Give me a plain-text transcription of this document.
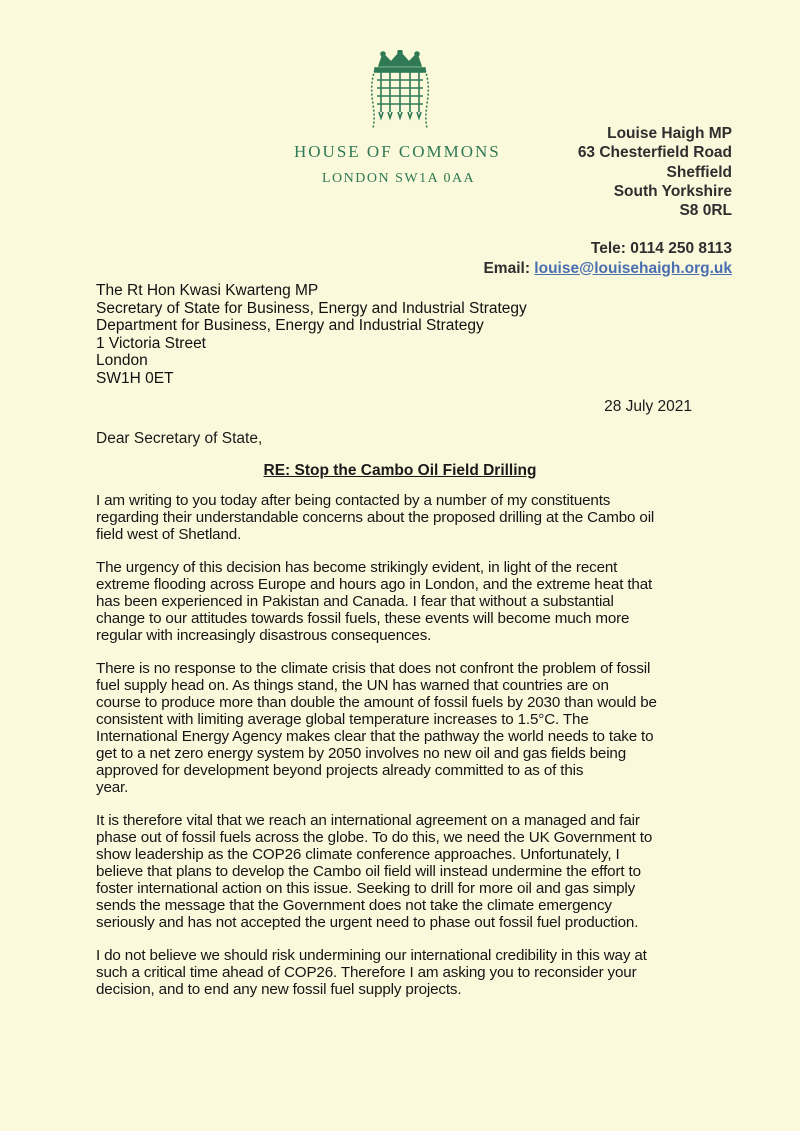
HOUSE OF COMMONS
LONDON SW1A 0AA
Louise Haigh MP
63 Chesterfield Road
Sheffield
South Yorkshire
S8 0RL
Tele: 0114 250 8113
Email: louise@louisehaigh.org.uk
The Rt Hon Kwasi Kwarteng MP
Secretary of State for Business, Energy and Industrial Strategy
Department for Business, Energy and Industrial Strategy
1 Victoria Street
London
SW1H 0ET
28 July 2021
Dear Secretary of State,
RE: Stop the Cambo Oil Field Drilling

I am writing to you today after being contacted by a number of my constituents
regarding their understandable concerns about the proposed drilling at the Cambo oil
field west of Shetland.

The urgency of this decision has become strikingly evident, in light of the recent
extreme flooding across Europe and hours ago in London, and the extreme heat that
has been experienced in Pakistan and Canada. I fear that without a substantial
change to our attitudes towards fossil fuels, these events will become much more
regular with increasingly disastrous consequences.

There is no response to the climate crisis that does not confront the problem of fossil
fuel supply head on. As things stand, the UN has warned that countries are on
course to produce more than double the amount of fossil fuels by 2030 than would be
consistent with limiting average global temperature increases to 1.5°C. The
International Energy Agency makes clear that the pathway the world needs to take to
get to a net zero energy system by 2050 involves no new oil and gas fields being
approved for development beyond projects already committed to as of this
year.

It is therefore vital that we reach an international agreement on a managed and fair
phase out of fossil fuels across the globe. To do this, we need the UK Government to
show leadership as the COP26 climate conference approaches. Unfortunately, I
believe that plans to develop the Cambo oil field will instead undermine the effort to
foster international action on this issue. Seeking to drill for more oil and gas simply
sends the message that the Government does not take the climate emergency
seriously and has not accepted the urgent need to phase out fossil fuel production.

I do not believe we should risk undermining our international credibility in this way at
such a critical time ahead of COP26. Therefore I am asking you to reconsider your
decision, and to end any new fossil fuel supply projects.
